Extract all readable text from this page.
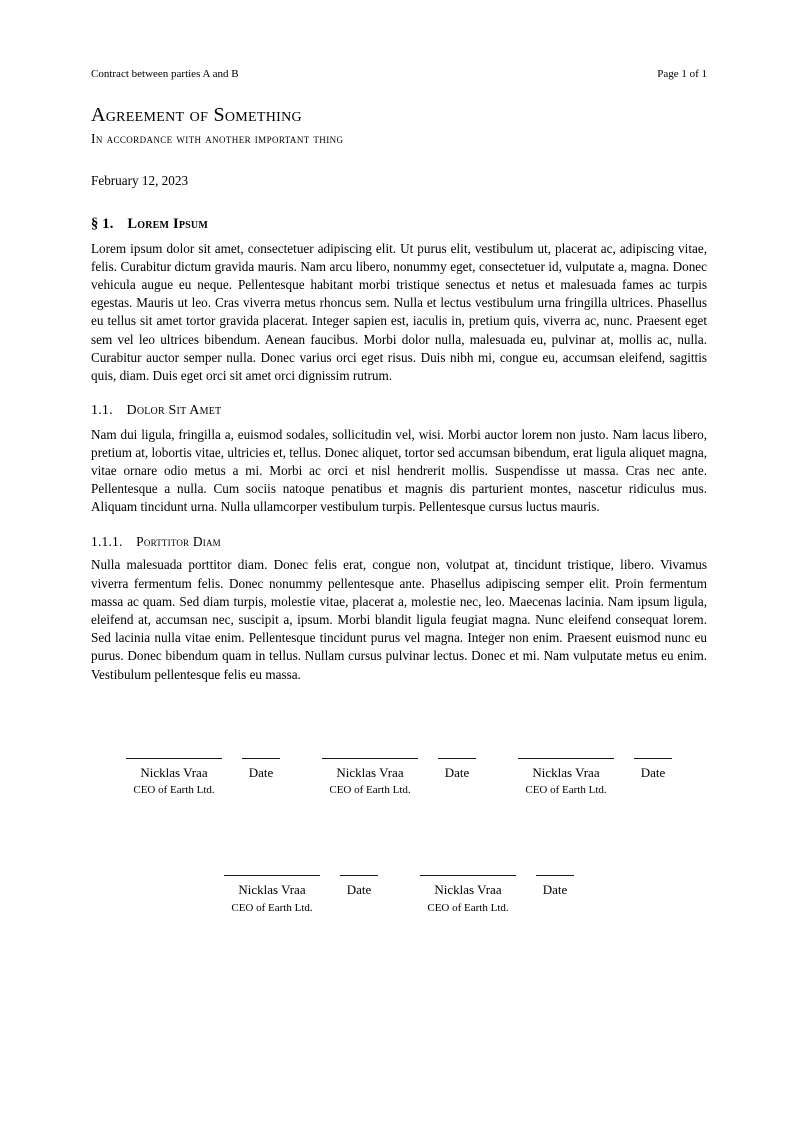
Contract between parties A and B	Page 1 of 1
Agreement of Something
In accordance with another important thing
February 12, 2023
§ 1. Lorem Ipsum

Lorem ipsum dolor sit amet, consectetuer adipiscing elit. Ut purus elit, vestibulum ut, placerat ac, adipiscing vitae, felis. Curabitur dictum gravida mauris. Nam arcu libero, nonummy eget, consectetuer id, vulputate a, magna. Donec vehicula augue eu neque. Pellentesque habitant morbi tristique senectus et netus et malesuada fames ac turpis egestas. Mauris ut leo. Cras viverra metus rhoncus sem. Nulla et lectus vestibulum urna fringilla ultrices. Phasellus eu tellus sit amet tortor gravida placerat. Integer sapien est, iaculis in, pretium quis, viverra ac, nunc. Praesent eget sem vel leo ultrices bibendum. Aenean faucibus. Morbi dolor nulla, malesuada eu, pulvinar at, mollis ac, nulla. Curabitur auctor semper nulla. Donec varius orci eget risus. Duis nibh mi, congue eu, accumsan eleifend, sagittis quis, diam. Duis eget orci sit amet orci dignissim rutrum.

1.1. Dolor Sit Amet

Nam dui ligula, fringilla a, euismod sodales, sollicitudin vel, wisi. Morbi auctor lorem non justo. Nam lacus libero, pretium at, lobortis vitae, ultricies et, tellus. Donec aliquet, tortor sed accumsan bibendum, erat ligula aliquet magna, vitae ornare odio metus a mi. Morbi ac orci et nisl hendrerit mollis. Suspendisse ut massa. Cras nec ante. Pellentesque a nulla. Cum sociis natoque penatibus et magnis dis parturient montes, nascetur ridiculus mus. Aliquam tincidunt urna. Nulla ullamcorper vestibulum turpis. Pellentesque cursus luctus mauris.

1.1.1. Porttitor Diam

Nulla malesuada porttitor diam. Donec felis erat, congue non, volutpat at, tincidunt tristique, libero. Vivamus viverra fermentum felis. Donec nonummy pellentesque ante. Phasellus adipiscing semper elit. Proin fermentum massa ac quam. Sed diam turpis, molestie vitae, placerat a, molestie nec, leo. Maecenas lacinia. Nam ipsum ligula, eleifend at, accumsan nec, suscipit a, ipsum. Morbi blandit ligula feugiat magna. Nunc eleifend consequat lorem. Sed lacinia nulla vitae enim. Pellentesque tincidunt purus vel magna. Integer non enim. Praesent euismod nunc eu purus. Donec bibendum quam in tellus. Nullam cursus pulvinar lectus. Donec et mi. Nam vulputate metus eu enim. Vestibulum pellentesque felis eu massa.

Nicklas Vraa
CEO of Earth Ltd.
Date	Nicklas Vraa
CEO of Earth Ltd.
Date	Nicklas Vraa
CEO of Earth Ltd.
Date
Nicklas Vraa
CEO of Earth Ltd.
Date	Nicklas Vraa
CEO of Earth Ltd.
Date
